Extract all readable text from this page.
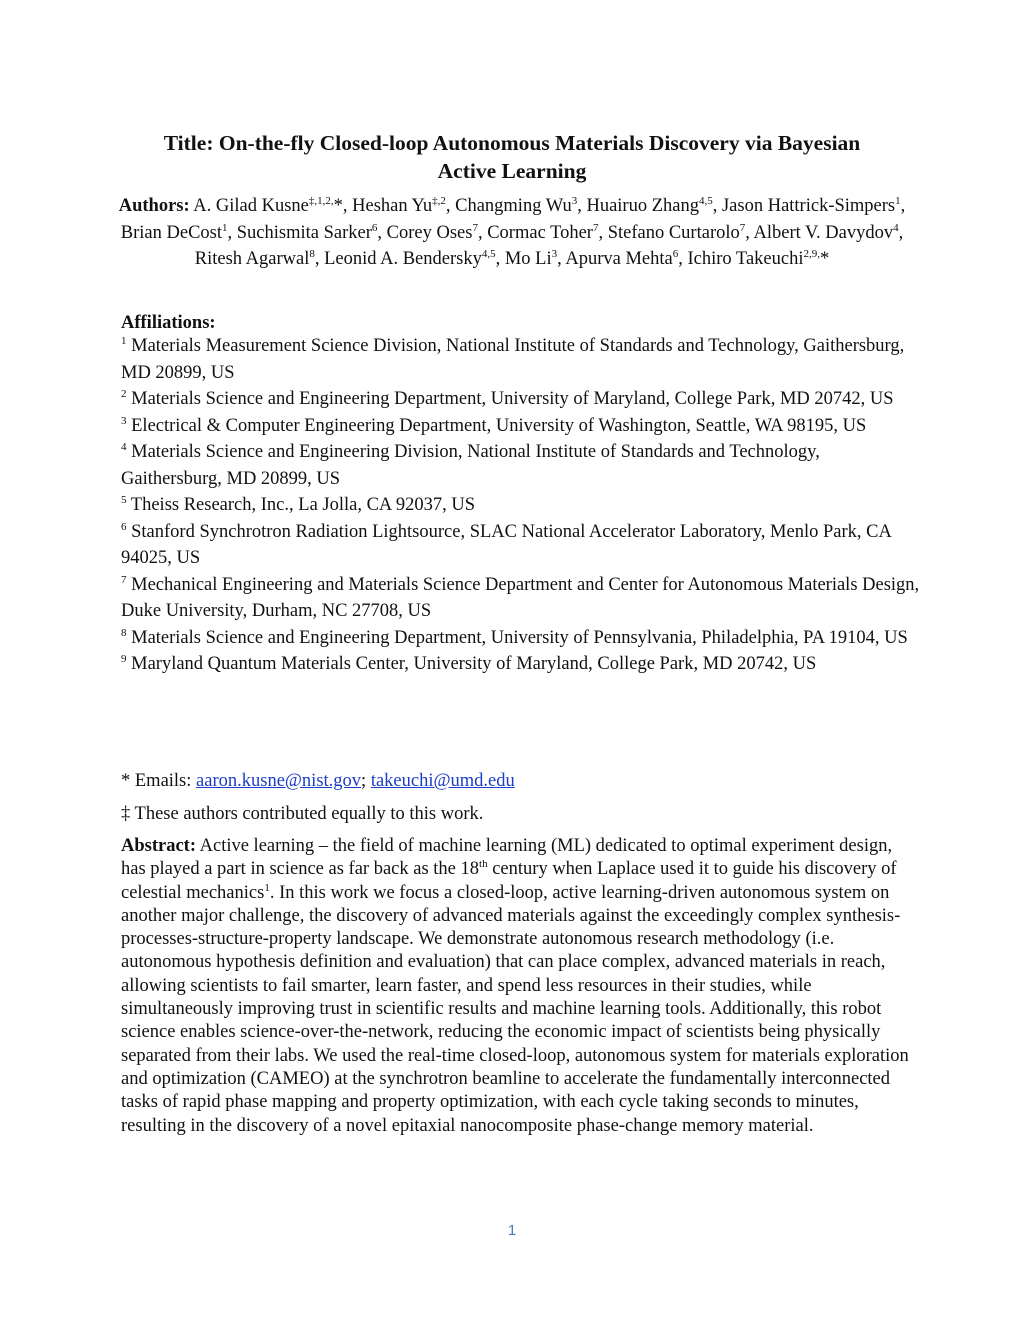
Title: On-the-fly Closed-loop Autonomous Materials Discovery via Bayesian
Active Learning
Authors: A. Gilad Kusne$^{\ddagger,1,2,}$*, Heshan $Yu^{\ddagger,2}$, Changming Wu$^3$, Huairuo Zhang$^{4,5}$, Jason Hattrick-Simpers$^1$, Brian DeCost$^1$, Suchismita Sarker$^6$, Corey Oses$^7$, Cormac Toher$^7$, Stefano Curtarolo$^7$, Albert V. Davydov$^4$, Ritesh Agarwal$^8$, Leonid A. Bendersky$^{4,5}$, Mo Li$^3$, Apurva Mehta$^6$, Ichiro Takeuchi$^{2,9,}$*
Affiliations:
$^1$ Materials Measurement Science Division, National Institute of Standards and Technology, Gaithersburg, MD 20899, US
$^2$ Materials Science and Engineering Department, University of Maryland, College Park, MD 20742, US
$^3$ Electrical & Computer Engineering Department, University of Washington, Seattle, WA 98195, US
$^4$ Materials Science and Engineering Division, National Institute of Standards and Technology, Gaithersburg, MD 20899, US
$^5$ Theiss Research, Inc., La Jolla, CA 92037, US
$^6$ Stanford Synchrotron Radiation Lightsource, SLAC National Accelerator Laboratory, Menlo Park, CA 94025, US
$^7$ Mechanical Engineering and Materials Science Department and Center for Autonomous Materials Design, Duke University, Durham, NC 27708, US
$^8$ Materials Science and Engineering Department, University of Pennsylvania, Philadelphia, PA 19104, US
$^9$ Maryland Quantum Materials Center, University of Maryland, College Park, MD 20742, US
* Emails: aaron.kusne@nist.gov; takeuchi@umd.edu
‡ These authors contributed equally to this work.
Abstract: Active learning – the field of machine learning (ML) dedicated to optimal experiment design, has played a part in science as far back as the 18th century when Laplace used it to guide his discovery of celestial mechanics$^1$. In this work we focus a closed-loop, active learning-driven autonomous system on another major challenge, the discovery of advanced materials against the exceedingly complex synthesis-processes-structure-property landscape. We demonstrate autonomous research methodology (i.e. autonomous hypothesis definition and evaluation) that can place complex, advanced materials in reach, allowing scientists to fail smarter, learn faster, and spend less resources in their studies, while simultaneously improving trust in scientific results and machine learning tools. Additionally, this robot science enables science-over-the-network, reducing the economic impact of scientists being physically separated from their labs. We used the real-time closed-loop, autonomous system for materials exploration and optimization (CAMEO) at the synchrotron beamline to accelerate the fundamentally interconnected tasks of rapid phase mapping and property optimization, with each cycle taking seconds to minutes, resulting in the discovery of a novel epitaxial nanocomposite phase-change memory material.
1
